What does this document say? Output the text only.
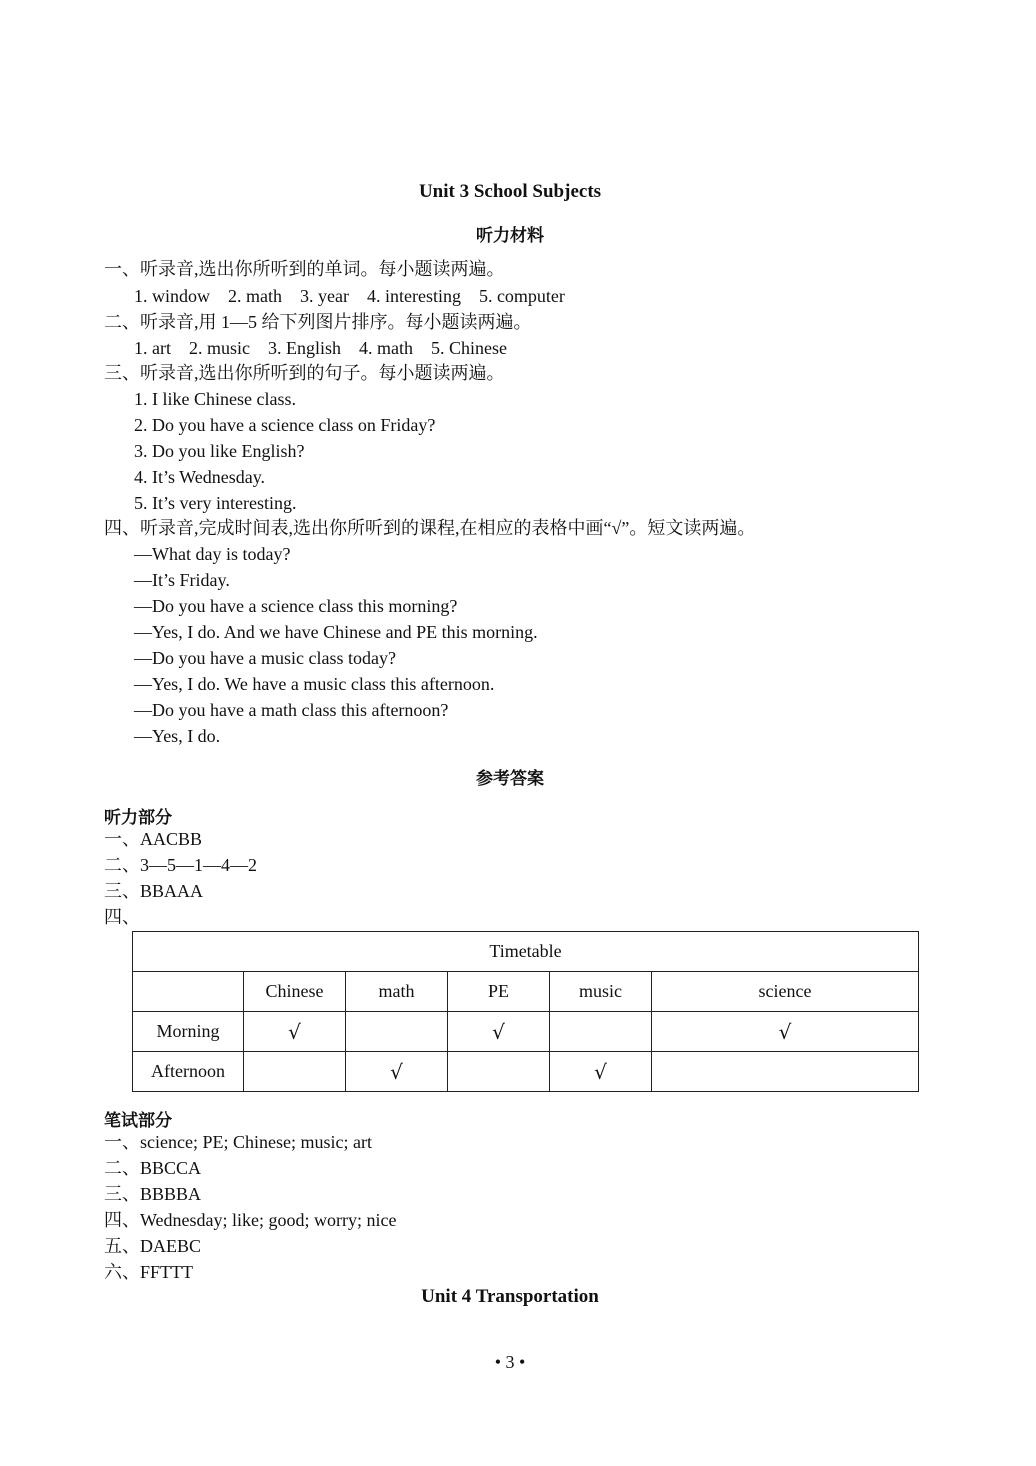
Unit 3 School Subjects
听力材料
一、听录音,选出你所听到的单词。每小题读两遍。
1. window    2. math    3. year    4. interesting    5. computer
二、听录音,用 1—5 给下列图片排序。每小题读两遍。
1. art    2. music    3. English    4. math    5. Chinese
三、听录音,选出你所听到的句子。每小题读两遍。
1. I like Chinese class.
2. Do you have a science class on Friday?
3. Do you like English?
4. It’s Wednesday.
5. It’s very interesting.
四、听录音,完成时间表,选出你所听到的课程,在相应的表格中画“√”。短文读两遍。
—What day is today?
—It’s Friday.
—Do you have a science class this morning?
—Yes, I do. And we have Chinese and PE this morning.
—Do you have a music class today?
—Yes, I do. We have a music class this afternoon.
—Do you have a math class this afternoon?
—Yes, I do.
参考答案
听力部分
一、AACBB
二、3—5—1—4—2
三、BBAAA
四、
Timetable					
	Chinese	math	PE	music	science
Morning	√		√		√
Afternoon		√		√	
笔试部分
一、science; PE; Chinese; music; art
二、BBCCA
三、BBBBA
四、Wednesday; like; good; worry; nice
五、DAEBC
六、FFTTT
Unit 4 Transportation
• 3 •
